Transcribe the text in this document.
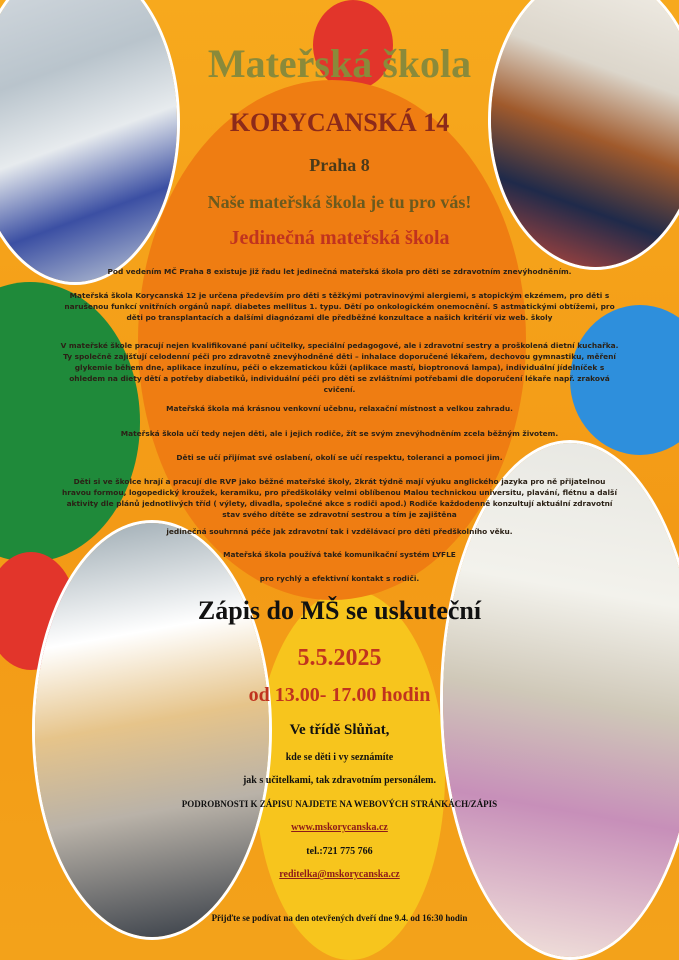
Mateřská škola
KORYCANSKÁ 14
Praha 8
Naše mateřská škola je tu pro vás!
Jedinečná mateřská škola
Pod vedením MČ Praha 8 existuje již řadu let jedinečná mateřská škola pro děti se zdravotním znevýhodněním.
Mateřská škola Korycanská 12 je určena především pro děti s těžkými potravinovými alergiemi, s atopickým ekzémem, pro děti s narušenou funkcí vnitřních orgánů např. diabetes mellitus 1. typu. Dětí po onkologickém onemocnění. S astmatickými obtížemi, pro děti po transplantacích a dalšími diagnózami dle předběžné konzultace a našich kritérií viz web. školy
V mateřské škole pracují nejen kvalifikované paní učitelky, speciální pedagogové, ale i zdravotní sestry a proškolená dietní kuchařka. Ty společně zajišťují celodenní péči pro zdravotně znevýhodněné děti – inhalace doporučené lékařem, dechovou gymnastiku, měření glykemie během dne, aplikace inzulínu, péči o ekzematickou kůži (aplikace mastí, bioptronová lampa), individuální jídelníček s ohledem na diety dětí a potřeby diabetiků, individuální péči pro děti se zvláštními potřebami dle doporučení lékaře např. zraková cvičení.
Mateřská škola má krásnou venkovní učebnu, relaxační místnost a velkou zahradu.
Mateřská škola učí tedy nejen děti, ale i jejich rodiče, žít se svým znevýhodněním zcela běžným životem.
Děti se učí přijímat své oslabení, okolí se učí respektu, toleranci a pomoci jim.
Děti si ve školce hrají a pracují dle RVP jako běžné mateřské školy, 2krát týdně mají výuku anglického jazyka pro ně přijatelnou hravou formou, logopedický kroužek, keramiku, pro předškoláky velmi oblíbenou Malou technickou universitu, plavání, flétnu a další aktivity dle plánů jednotlivých tříd ( výlety, divadla, společné akce s rodiči apod.) Rodiče každodenně konzultují aktuální zdravotní stav svého dítěte se zdravotní sestrou a tím je zajištěna
jedinečná souhrnná péče jak zdravotní tak i vzdělávací pro děti předškolního věku.
Mateřská škola používá také komunikační systém LYFLE
pro rychlý a efektivní kontakt s rodiči.
Zápis do MŠ se uskuteční
5.5.2025
od 13.00- 17.00 hodin
Ve třídě Slůňat,
kde se děti i vy seznámíte
jak s učitelkami, tak zdravotním personálem.
PODROBNOSTI K ZÁPISU NAJDETE NA WEBOVÝCH STRÁNKÁCH/ZÁPIS
www.mskorycanska.cz
tel.:721 775 766
reditelka@mskorycanska.cz
Přijďte se podívat na den otevřených dveří dne 9.4. od 16:30 hodin
